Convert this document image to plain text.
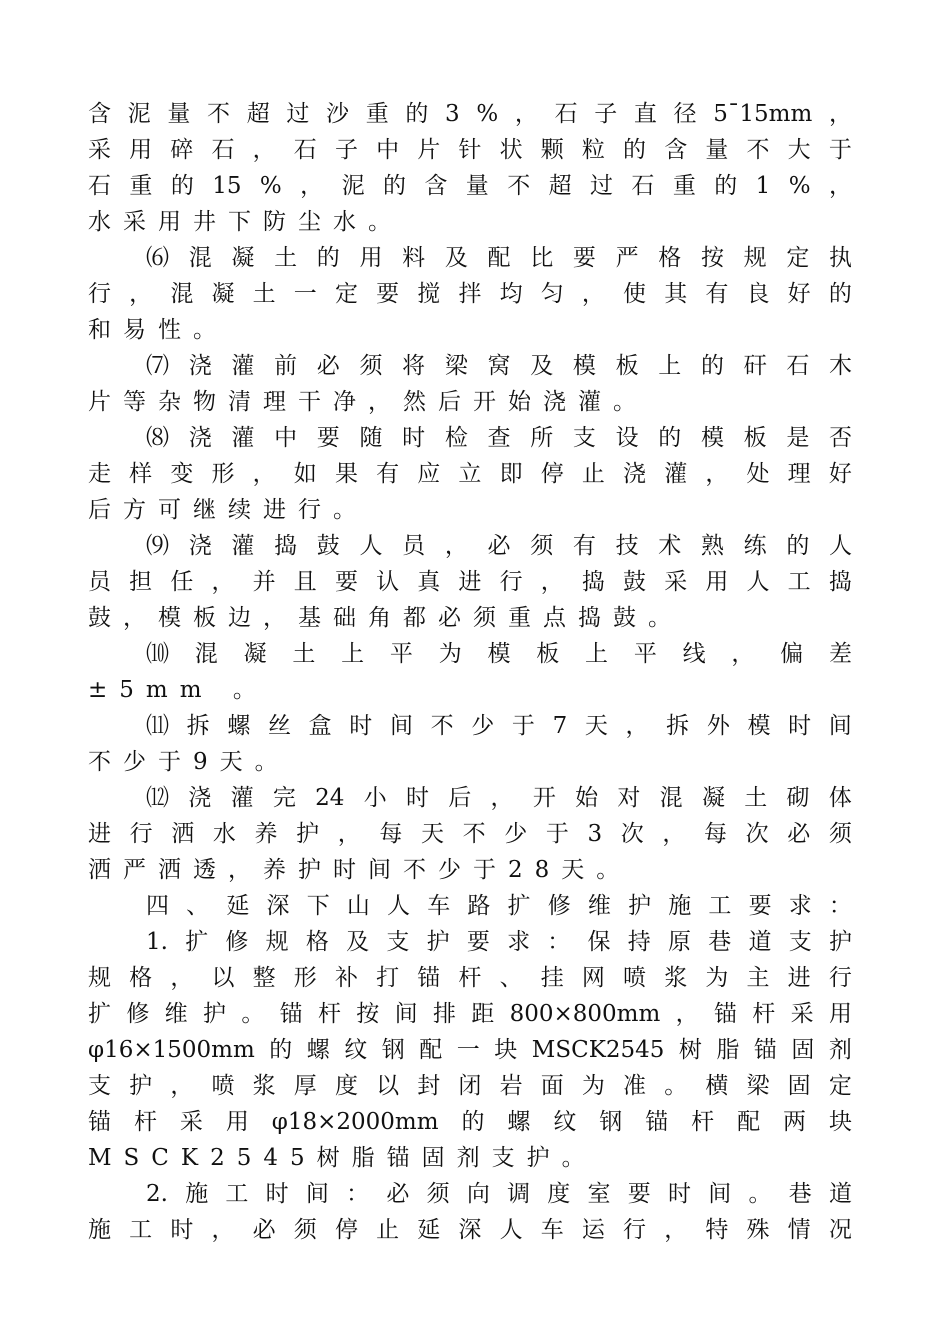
含 泥 量 不 超 过 沙 重 的 3 % ， 石 子 直 径 5¯15mm ，
采 用 碎 石 ， 石 子 中 片 针 状 颗 粒 的 含 量 不 大 于
石 重 的 15 % ， 泥 的 含 量 不 超 过 石 重 的 1 % ，
水采用井下防尘水。
⑹ 混 凝 土 的 用 料 及 配 比 要 严 格 按 规 定 执
行 ， 混 凝 土 一 定 要 搅 拌 均 匀 ， 使 其 有 良 好 的
和易性。
⑺ 浇 灌 前 必 须 将 梁 窝 及 模 板 上 的 矸 石 木
片等杂物清理干净，然后开始浇灌。
⑻ 浇 灌 中 要 随 时 检 查 所 支 设 的 模 板 是 否
走 样 变 形 ， 如 果 有 应 立 即 停 止 浇 灌 ， 处 理 好
后方可继续进行。
⑼ 浇 灌 捣 鼓 人 员 ， 必 须 有 技 术 熟 练 的 人
员 担 任 ， 并 且 要 认 真 进 行 ， 捣 鼓 采 用 人 工 捣
鼓，模板边，基础角都必须重点捣鼓。
⑽ 混 凝 土 上 平 为 模 板 上 平 线 ， 偏 差
±5mm 。
⑾ 拆 螺 丝 盒 时 间 不 少 于 7 天 ， 拆 外 模 时 间
不少于9天。
⑿ 浇 灌 完 24 小 时 后 ， 开 始 对 混 凝 土 砌 体
进 行 洒 水 养 护 ， 每 天 不 少 于 3 次 ， 每 次 必 须
洒严洒透，养护时间不少于28天。
四 、 延 深 下 山 人 车 路 扩 修 维 护 施 工 要 求 ：
1. 扩 修 规 格 及 支 护 要 求 ： 保 持 原 巷 道 支 护
规 格 ， 以 整 形 补 打 锚 杆 、 挂 网 喷 浆 为 主 进 行
扩 修 维 护 。 锚 杆 按 间 排 距 800×800mm ， 锚 杆 采 用
φ16×1500mm 的 螺 纹 钢 配 一 块 MSCK2545 树 脂 锚 固 剂
支 护 ， 喷 浆 厚 度 以 封 闭 岩 面 为 准 。 横 梁 固 定
锚 杆 采 用 φ18×2000mm 的 螺 纹 钢 锚 杆 配 两 块
MSCK2545树脂锚固剂支护。
2. 施 工 时 间 ： 必 须 向 调 度 室 要 时 间 。 巷 道
施 工 时 ， 必 须 停 止 延 深 人 车 运 行 ， 特 殊 情 况
